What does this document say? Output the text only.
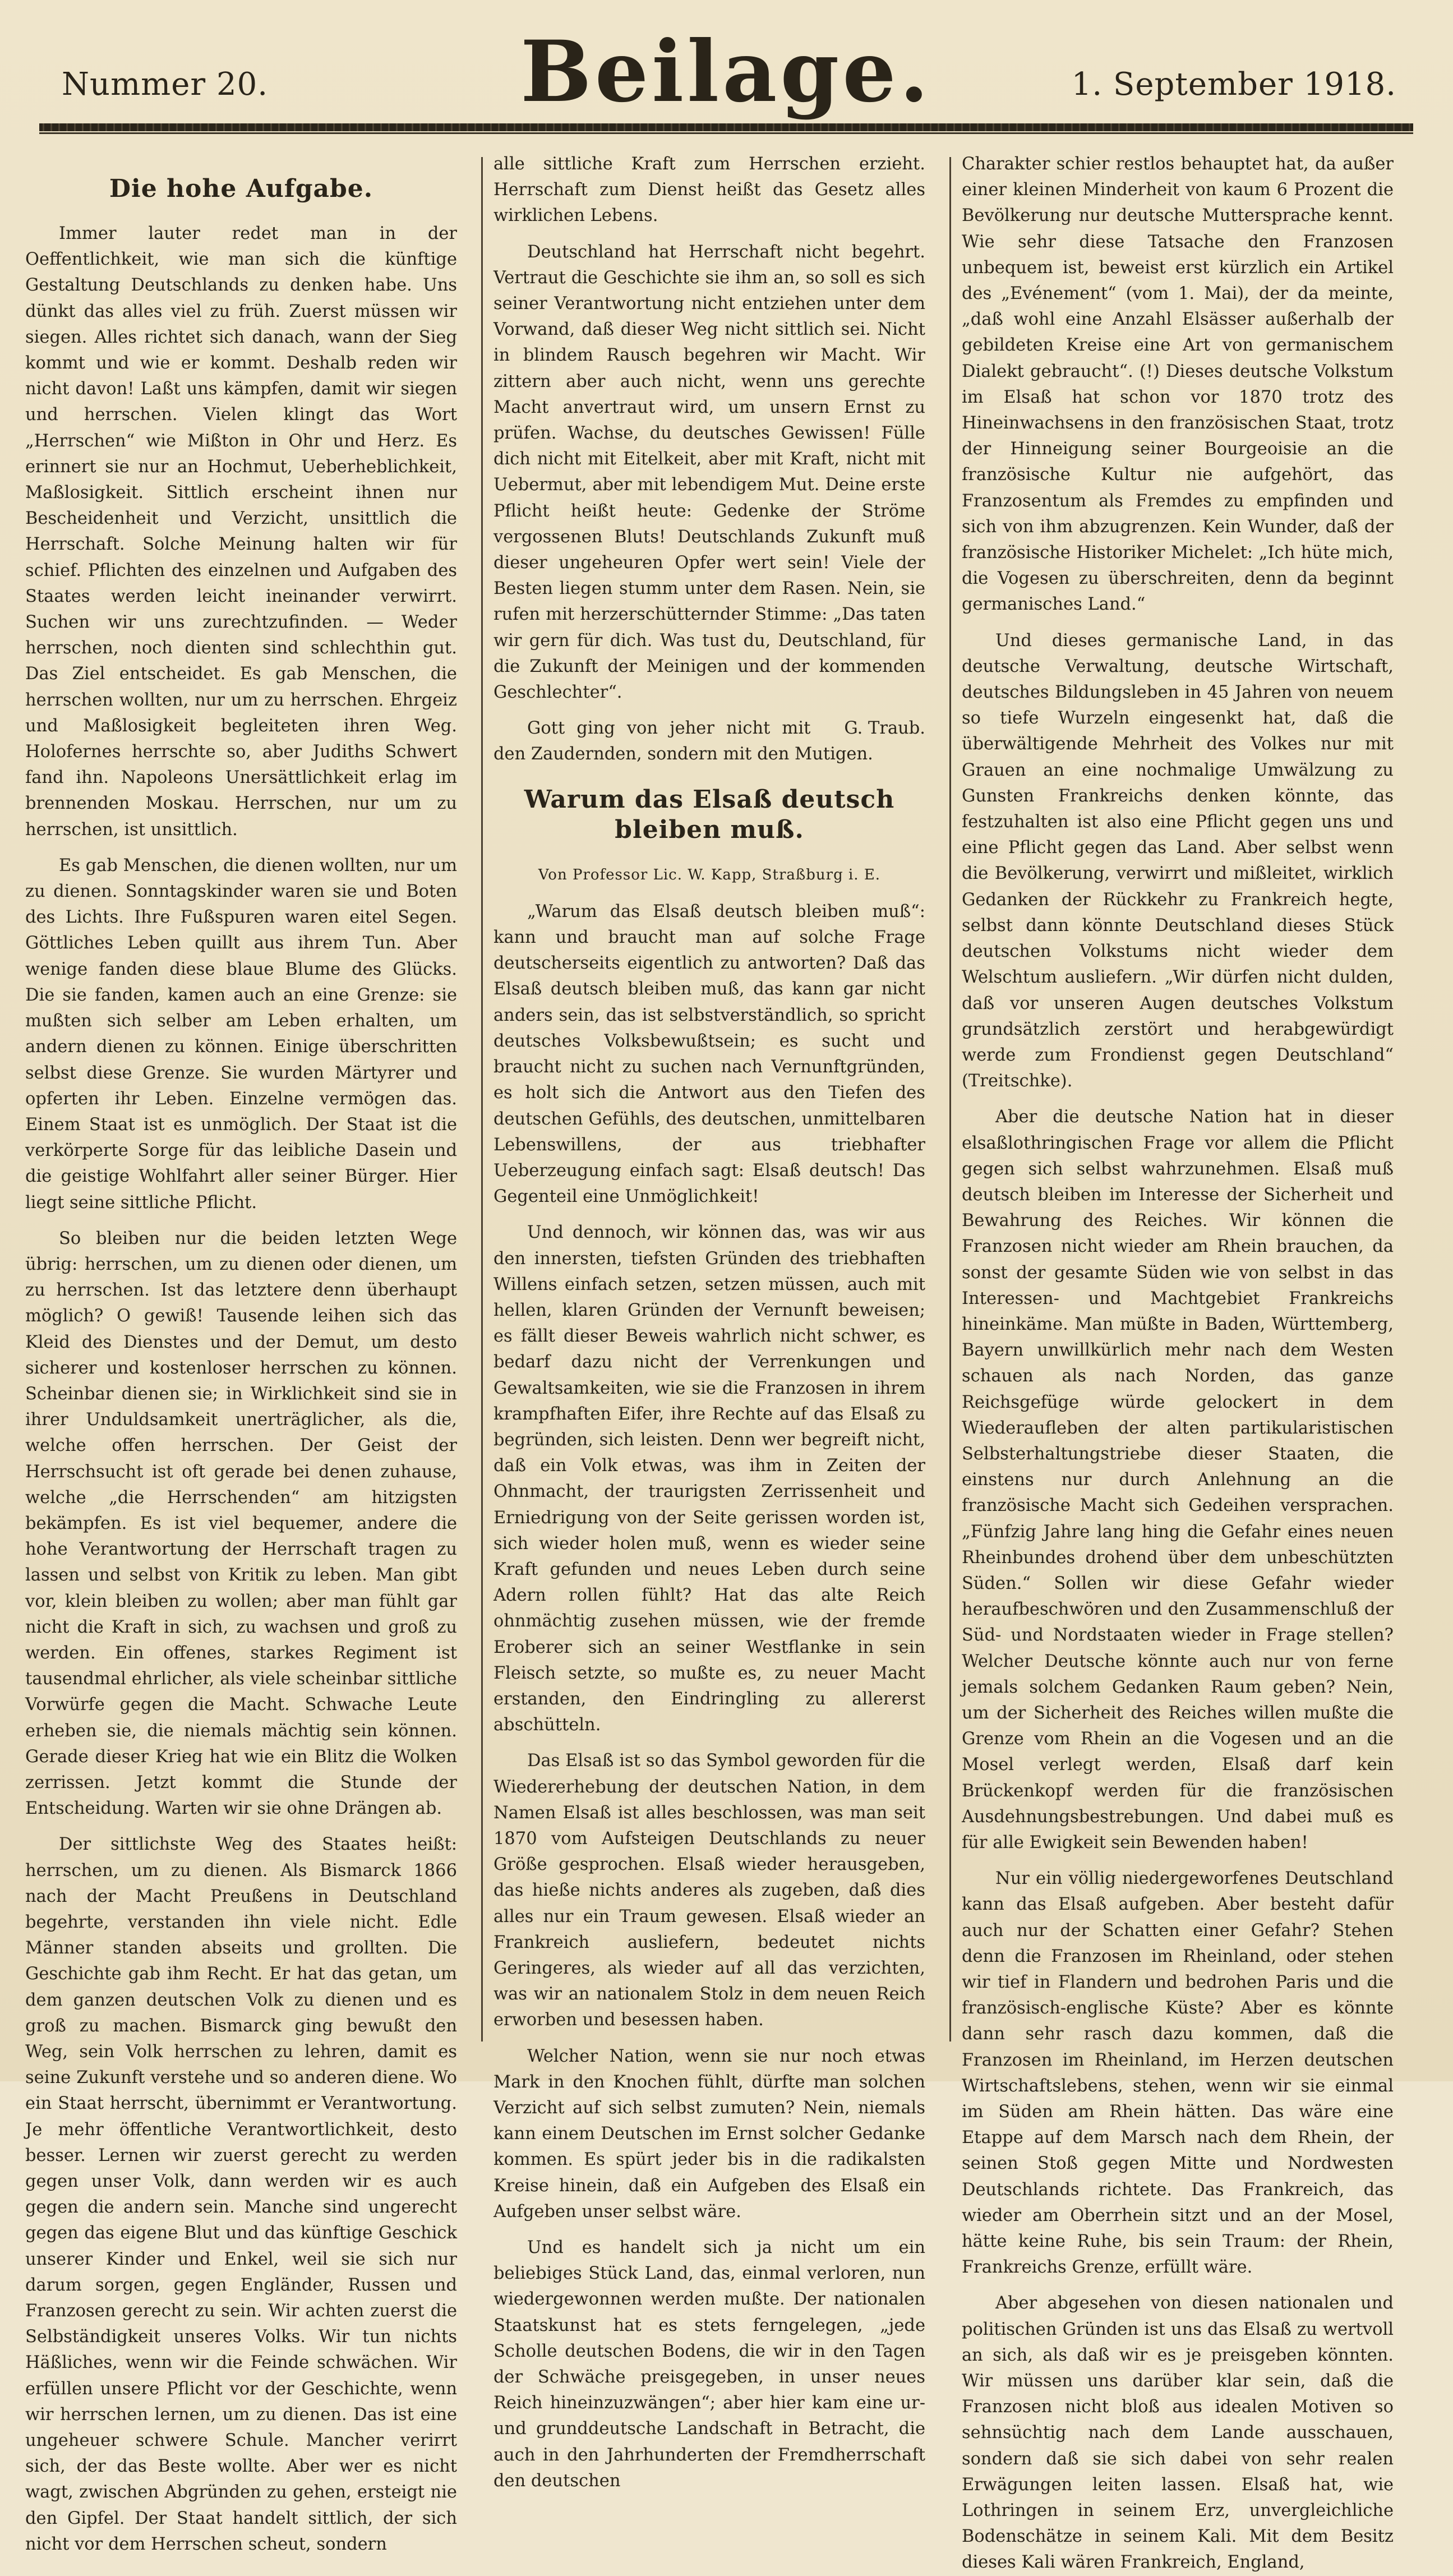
Nummer 20.	Beilage.	1. September 1918.
Die hohe Aufgabe.

Immer lauter redet man in der Oeffentlichkeit, wie man sich die künftige Gestaltung Deutschlands zu denken habe. Uns dünkt das alles viel zu früh. Zuerst müssen wir siegen. Alles richtet sich danach, wann der Sieg kommt und wie er kommt. Deshalb reden wir nicht davon! Laßt uns kämpfen, damit wir siegen und herrschen. Vielen klingt das Wort „Herrschen“ wie Mißton in Ohr und Herz. Es erinnert sie nur an Hochmut, Ueberheblichkeit, Maßlosigkeit. Sittlich erscheint ihnen nur Bescheidenheit und Verzicht, unsittlich die Herrschaft. Solche Meinung halten wir für schief. Pflichten des einzelnen und Aufgaben des Staates werden leicht ineinander verwirrt. Suchen wir uns zurechtzufinden. — Weder herrschen, noch dienten sind schlechthin gut. Das Ziel entscheidet. Es gab Menschen, die herrschen wollten, nur um zu herrschen. Ehrgeiz und Maßlosigkeit begleiteten ihren Weg. Holofernes herrschte so, aber Judiths Schwert fand ihn. Napoleons Unersättlichkeit erlag im brennenden Moskau. Herrschen, nur um zu herrschen, ist unsittlich.

Es gab Menschen, die dienen wollten, nur um zu dienen. Sonntagskinder waren sie und Boten des Lichts. Ihre Fußspuren waren eitel Segen. Göttliches Leben quillt aus ihrem Tun. Aber wenige fanden diese blaue Blume des Glücks. Die sie fanden, kamen auch an eine Grenze: sie mußten sich selber am Leben erhalten, um andern dienen zu können. Einige überschritten selbst diese Grenze. Sie wurden Märtyrer und opferten ihr Leben. Einzelne vermögen das. Einem Staat ist es unmöglich. Der Staat ist die verkörperte Sorge für das leibliche Dasein und die geistige Wohlfahrt aller seiner Bürger. Hier liegt seine sittliche Pflicht.

So bleiben nur die beiden letzten Wege übrig: herrschen, um zu dienen oder dienen, um zu herrschen. Ist das letztere denn überhaupt möglich? O gewiß! Tausende leihen sich das Kleid des Dienstes und der Demut, um desto sicherer und kostenloser herrschen zu können. Scheinbar dienen sie; in Wirklichkeit sind sie in ihrer Unduldsamkeit unerträglicher, als die, welche offen herrschen. Der Geist der Herrschsucht ist oft gerade bei denen zuhause, welche „die Herrschenden“ am hitzigsten bekämpfen. Es ist viel bequemer, andere die hohe Verantwortung der Herrschaft tragen zu lassen und selbst von Kritik zu leben. Man gibt vor, klein bleiben zu wollen; aber man fühlt gar nicht die Kraft in sich, zu wachsen und groß zu werden. Ein offenes, starkes Regiment ist tausendmal ehrlicher, als viele scheinbar sittliche Vorwürfe gegen die Macht. Schwache Leute erheben sie, die niemals mächtig sein können. Gerade dieser Krieg hat wie ein Blitz die Wolken zerrissen. Jetzt kommt die Stunde der Entscheidung. Warten wir sie ohne Drängen ab.

Der sittlichste Weg des Staates heißt: herrschen, um zu dienen. Als Bismarck 1866 nach der Macht Preußens in Deutschland begehrte, verstanden ihn viele nicht. Edle Männer standen abseits und grollten. Die Geschichte gab ihm Recht. Er hat das getan, um dem ganzen deutschen Volk zu dienen und es groß zu machen. Bismarck ging bewußt den Weg, sein Volk herrschen zu lehren, damit es seine Zukunft verstehe und so anderen diene. Wo ein Staat herrscht, übernimmt er Verantwortung. Je mehr öffentliche Verantwortlichkeit, desto besser. Lernen wir zuerst gerecht zu werden gegen unser Volk, dann werden wir es auch gegen die andern sein. Manche sind ungerecht gegen das eigene Blut und das künftige Geschick unserer Kinder und Enkel, weil sie sich nur darum sorgen, gegen Engländer, Russen und Franzosen gerecht zu sein. Wir achten zuerst die Selbständigkeit unseres Volks. Wir tun nichts Häßliches, wenn wir die Feinde schwächen. Wir erfüllen unsere Pflicht vor der Geschichte, wenn wir herrschen lernen, um zu dienen. Das ist eine ungeheuer schwere Schule. Mancher verirrt sich, der das Beste wollte. Aber wer es nicht wagt, zwischen Abgründen zu gehen, ersteigt nie den Gipfel. Der Staat handelt sittlich, der sich nicht vor dem Herrschen scheut, sondern

alle sittliche Kraft zum Herrschen erzieht. Herrschaft zum Dienst heißt das Gesetz alles wirklichen Lebens.

Deutschland hat Herrschaft nicht begehrt. Vertraut die Geschichte sie ihm an, so soll es sich seiner Verantwortung nicht entziehen unter dem Vorwand, daß dieser Weg nicht sittlich sei. Nicht in blindem Rausch begehren wir Macht. Wir zittern aber auch nicht, wenn uns gerechte Macht anvertraut wird, um unsern Ernst zu prüfen. Wachse, du deutsches Gewissen! Fülle dich nicht mit Eitelkeit, aber mit Kraft, nicht mit Uebermut, aber mit lebendigem Mut. Deine erste Pflicht heißt heute: Gedenke der Ströme vergossenen Bluts! Deutschlands Zukunft muß dieser ungeheuren Opfer wert sein! Viele der Besten liegen stumm unter dem Rasen. Nein, sie rufen mit herzerschütternder Stimme: „Das taten wir gern für dich. Was tust du, Deutschland, für die Zukunft der Meinigen und der kommenden Geschlechter“.

G. Traub.
Gott ging von jeher nicht mit den Zaudernden, sondern mit den Mutigen.

Warum das Elsaß deutsch bleiben muß.
Von Professor Lic. W. Kapp, Straßburg i. E.

„Warum das Elsaß deutsch bleiben muß“: kann und braucht man auf solche Frage deutscherseits eigentlich zu antworten? Daß das Elsaß deutsch bleiben muß, das kann gar nicht anders sein, das ist selbstverständlich, so spricht deutsches Volksbewußtsein; es sucht und braucht nicht zu suchen nach Vernunftgründen, es holt sich die Antwort aus den Tiefen des deutschen Gefühls, des deutschen, unmittelbaren Lebenswillens, der aus triebhafter Ueberzeugung einfach sagt: Elsaß deutsch! Das Gegenteil eine Unmöglichkeit!

Und dennoch, wir können das, was wir aus den innersten, tiefsten Gründen des triebhaften Willens einfach setzen, setzen müssen, auch mit hellen, klaren Gründen der Vernunft beweisen; es fällt dieser Beweis wahrlich nicht schwer, es bedarf dazu nicht der Verrenkungen und Gewaltsamkeiten, wie sie die Franzosen in ihrem krampfhaften Eifer, ihre Rechte auf das Elsaß zu begründen, sich leisten. Denn wer begreift nicht, daß ein Volk etwas, was ihm in Zeiten der Ohnmacht, der traurigsten Zerrissenheit und Erniedrigung von der Seite gerissen worden ist, sich wieder holen muß, wenn es wieder seine Kraft gefunden und neues Leben durch seine Adern rollen fühlt? Hat das alte Reich ohnmächtig zusehen müssen, wie der fremde Eroberer sich an seiner Westflanke in sein Fleisch setzte, so mußte es, zu neuer Macht erstanden, den Eindringling zu allererst abschütteln.

Das Elsaß ist so das Symbol geworden für die Wiedererhebung der deutschen Nation, in dem Namen Elsaß ist alles beschlossen, was man seit 1870 vom Aufsteigen Deutschlands zu neuer Größe gesprochen. Elsaß wieder herausgeben, das hieße nichts anderes als zugeben, daß dies alles nur ein Traum gewesen. Elsaß wieder an Frankreich ausliefern, bedeutet nichts Geringeres, als wieder auf all das verzichten, was wir an nationalem Stolz in dem neuen Reich erworben und besessen haben.

Welcher Nation, wenn sie nur noch etwas Mark in den Knochen fühlt, dürfte man solchen Verzicht auf sich selbst zumuten? Nein, niemals kann einem Deutschen im Ernst solcher Gedanke kommen. Es spürt jeder bis in die radikalsten Kreise hinein, daß ein Aufgeben des Elsaß ein Aufgeben unser selbst wäre.

Und es handelt sich ja nicht um ein beliebiges Stück Land, das, einmal verloren, nun wiedergewonnen werden mußte. Der nationalen Staatskunst hat es stets ferngelegen, „jede Scholle deutschen Bodens, die wir in den Tagen der Schwäche preisgegeben, in unser neues Reich hineinzuzwängen“; aber hier kam eine ur- und grunddeutsche Landschaft in Betracht, die auch in den Jahrhunderten der Fremdherrschaft den deutschen

Charakter schier restlos behauptet hat, da außer einer kleinen Minderheit von kaum 6 Prozent die Bevölkerung nur deutsche Muttersprache kennt. Wie sehr diese Tatsache den Franzosen unbequem ist, beweist erst kürzlich ein Artikel des „Evénement“ (vom 1. Mai), der da meinte, „daß wohl eine Anzahl Elsässer außerhalb der gebildeten Kreise eine Art von germanischem Dialekt gebraucht“. (!) Dieses deutsche Volkstum im Elsaß hat schon vor 1870 trotz des Hineinwachsens in den französischen Staat, trotz der Hinneigung seiner Bourgeoisie an die französische Kultur nie aufgehört, das Franzosentum als Fremdes zu empfinden und sich von ihm abzugrenzen. Kein Wunder, daß der französische Historiker Michelet: „Ich hüte mich, die Vogesen zu überschreiten, denn da beginnt germanisches Land.“

Und dieses germanische Land, in das deutsche Verwaltung, deutsche Wirtschaft, deutsches Bildungsleben in 45 Jahren von neuem so tiefe Wurzeln eingesenkt hat, daß die überwältigende Mehrheit des Volkes nur mit Grauen an eine nochmalige Umwälzung zu Gunsten Frankreichs denken könnte, das festzuhalten ist also eine Pflicht gegen uns und eine Pflicht gegen das Land. Aber selbst wenn die Bevölkerung, verwirrt und mißleitet, wirklich Gedanken der Rückkehr zu Frankreich hegte, selbst dann könnte Deutschland dieses Stück deutschen Volkstums nicht wieder dem Welschtum ausliefern. „Wir dürfen nicht dulden, daß vor unseren Augen deutsches Volkstum grundsätzlich zerstört und herabgewürdigt werde zum Frondienst gegen Deutschland“ (Treitschke).

Aber die deutsche Nation hat in dieser elsaßlothringischen Frage vor allem die Pflicht gegen sich selbst wahrzunehmen. Elsaß muß deutsch bleiben im Interesse der Sicherheit und Bewahrung des Reiches. Wir können die Franzosen nicht wieder am Rhein brauchen, da sonst der gesamte Süden wie von selbst in das Interessen- und Machtgebiet Frankreichs hineinkäme. Man müßte in Baden, Württemberg, Bayern unwillkürlich mehr nach dem Westen schauen als nach Norden, das ganze Reichsgefüge würde gelockert in dem Wiederaufleben der alten partikularistischen Selbsterhaltungstriebe dieser Staaten, die einstens nur durch Anlehnung an die französische Macht sich Gedeihen versprachen. „Fünfzig Jahre lang hing die Gefahr eines neuen Rheinbundes drohend über dem unbeschützten Süden.“ Sollen wir diese Gefahr wieder heraufbeschwören und den Zusammenschluß der Süd- und Nordstaaten wieder in Frage stellen? Welcher Deutsche könnte auch nur von ferne jemals solchem Gedanken Raum geben? Nein, um der Sicherheit des Reiches willen mußte die Grenze vom Rhein an die Vogesen und an die Mosel verlegt werden, Elsaß darf kein Brückenkopf werden für die französischen Ausdehnungsbestrebungen. Und dabei muß es für alle Ewigkeit sein Bewenden haben!

Nur ein völlig niedergeworfenes Deutschland kann das Elsaß aufgeben. Aber besteht dafür auch nur der Schatten einer Gefahr? Stehen denn die Franzosen im Rheinland, oder stehen wir tief in Flandern und bedrohen Paris und die französisch-englische Küste? Aber es könnte dann sehr rasch dazu kommen, daß die Franzosen im Rheinland, im Herzen deutschen Wirtschaftslebens, stehen, wenn wir sie einmal im Süden am Rhein hätten. Das wäre eine Etappe auf dem Marsch nach dem Rhein, der seinen Stoß gegen Mitte und Nordwesten Deutschlands richtete. Das Frankreich, das wieder am Oberrhein sitzt und an der Mosel, hätte keine Ruhe, bis sein Traum: der Rhein, Frankreichs Grenze, erfüllt wäre.

Aber abgesehen von diesen nationalen und politischen Gründen ist uns das Elsaß zu wertvoll an sich, als daß wir es je preisgeben könnten. Wir müssen uns darüber klar sein, daß die Franzosen nicht bloß aus idealen Motiven so sehnsüchtig nach dem Lande ausschauen, sondern daß sie sich dabei von sehr realen Erwägungen leiten lassen. Elsaß hat, wie Lothringen in seinem Erz, unvergleichliche Bodenschätze in seinem Kali. Mit dem Besitz dieses Kali wären Frankreich, England,
